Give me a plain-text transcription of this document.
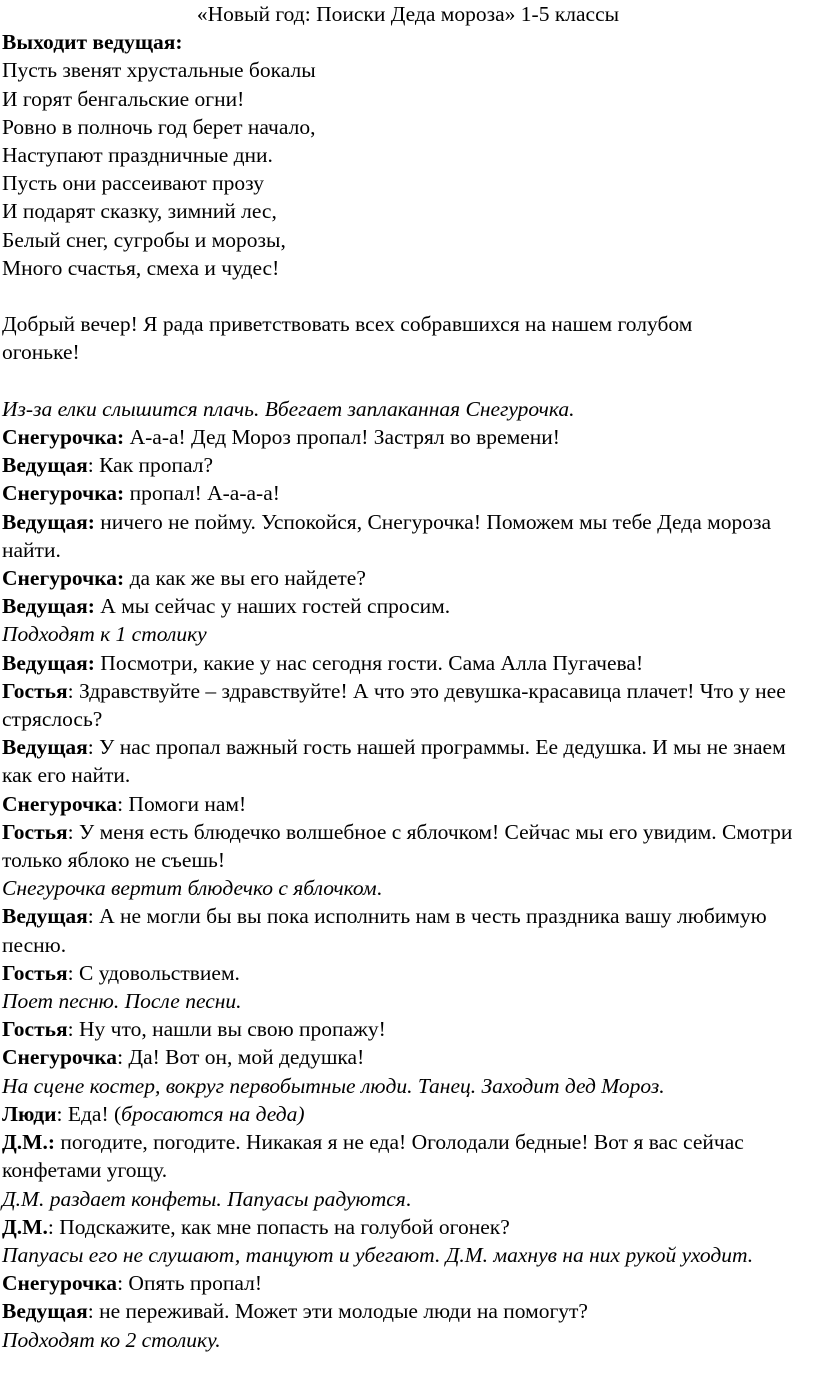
«Новый год: Поиски Деда мороза» 1-5 классы

Выходит ведущая:

Пусть звенят хрустальные бокалы

И горят бенгальские огни!

Ровно в полночь год берет начало,

Наступают праздничные дни.

Пусть они рассеивают прозу

И подарят сказку, зимний лес,

Белый снег, сугробы и морозы,

Много счастья, смеха и чудес!

Добрый вечер! Я рада приветствовать всех собравшихся на нашем голубом

огоньке!

Из-за елки слышится плачь. Вбегает заплаканная Снегурочка.

Снегурочка: А-а-а! Дед Мороз пропал! Застрял во времени!

Ведущая: Как пропал?

Снегурочка: пропал! А-а-а-а!

Ведущая: ничего не пойму. Успокойся, Снегурочка! Поможем мы тебе Деда мороза найти.

Снегурочка: да как же вы его найдете?

Ведущая: А мы сейчас у наших гостей спросим.

Подходят к 1 столику

Ведущая: Посмотри, какие у нас сегодня гости. Сама Алла Пугачева!

Гостья: Здравствуйте – здравствуйте! А что это девушка-красавица плачет! Что у нее стряслось?

Ведущая: У нас пропал важный гость нашей программы. Ее дедушка. И мы не знаем как его найти.

Снегурочка: Помоги нам!

Гостья: У меня есть блюдечко волшебное с яблочком! Сейчас мы его увидим. Смотри только яблоко не съешь!

Снегурочка вертит блюдечко с яблочком.

Ведущая: А не могли бы вы пока исполнить нам в честь праздника вашу любимую песню.

Гостья: С удовольствием.

Поет песню. После песни.

Гостья: Ну что, нашли вы свою пропажу!

Снегурочка: Да! Вот он, мой дедушка!

На сцене костер, вокруг первобытные люди. Танец. Заходит дед Мороз.

Люди: Еда! (бросаются на деда)

Д.М.: погодите, погодите. Никакая я не еда! Оголодали бедные! Вот я вас сейчас конфетами угощу.

Д.М. раздает конфеты. Папуасы радуются.

Д.М.: Подскажите, как мне попасть на голубой огонек?

Папуасы его не слушают, танцуют и убегают. Д.М. махнув на них рукой уходит.

Снегурочка: Опять пропал!

Ведущая: не переживай. Может эти молодые люди на помогут?

Подходят ко 2 столику.
